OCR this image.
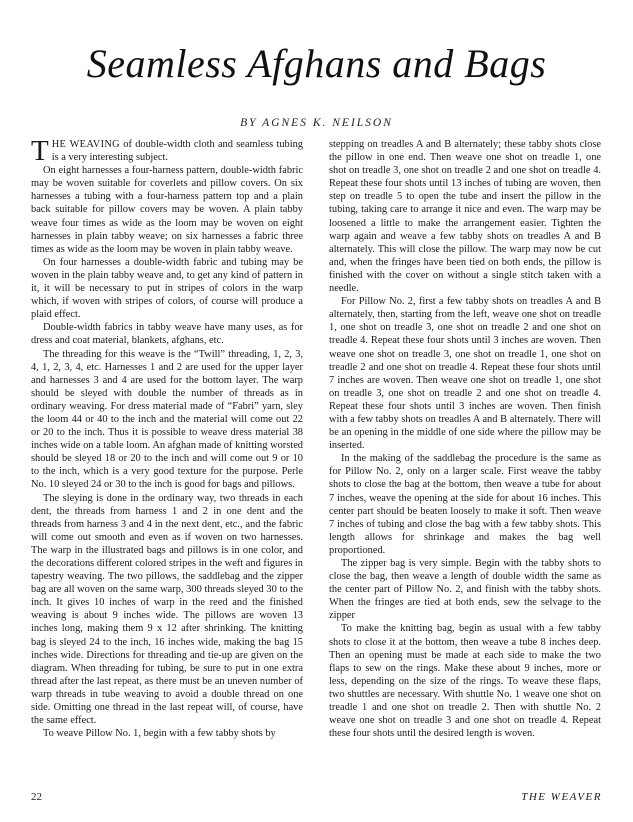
Seamless Afghans and Bags
BY AGNES K. NEILSON

THE WEAVING of double-width cloth and seamless tubing is a very interesting subject.

On eight harnesses a four-harness pattern, double-width fabric may be woven suitable for coverlets and pillow covers. On six harnesses a tubing with a four-harness pattern top and a plain back suitable for pillow covers may be woven. A plain tabby weave four times as wide as the loom may be woven on eight harnesses in plain tabby weave; on six harnesses a fabric three times as wide as the loom may be woven in plain tabby weave.

On four harnesses a double-width fabric and tubing may be woven in the plain tabby weave and, to get any kind of pattern in it, it will be necessary to put in stripes of colors in the warp which, if woven with stripes of colors, of course will produce a plaid effect.

Double-width fabrics in tabby weave have many uses, as for dress and coat material, blankets, afghans, etc.

The threading for this weave is the “Twill” threading, 1, 2, 3, 4, 1, 2, 3, 4, etc. Harnesses 1 and 2 are used for the upper layer and harnesses 3 and 4 are used for the bottom layer. The warp should be sleyed with double the number of threads as in ordinary weaving. For dress material made of “Fabri” yarn, sley the loom 44 or 40 to the inch and the material will come out 22 or 20 to the inch. Thus it is possible to weave dress material 38 inches wide on a table loom. An afghan made of knitting worsted should be sleyed 18 or 20 to the inch and will come out 9 or 10 to the inch, which is a very good texture for the purpose. Perle No. 10 sleyed 24 or 30 to the inch is good for bags and pillows.

The sleying is done in the ordinary way, two threads in each dent, the threads from harness 1 and 2 in one dent and the threads from harness 3 and 4 in the next dent, etc., and the fabric will come out smooth and even as if woven on two harnesses. The warp in the illustrated bags and pillows is in one color, and the decorations different colored stripes in the weft and figures in tapestry weaving. The two pillows, the saddlebag and the zipper bag are all woven on the same warp, 300 threads sleyed 30 to the inch. It gives 10 inches of warp in the reed and the finished weaving is about 9 inches wide. The pillows are woven 13 inches long, making them 9 x 12 after shrinking. The knitting bag is sleyed 24 to the inch, 16 inches wide, making the bag 15 inches wide. Directions for threading and tie-up are given on the diagram. When threading for tubing, be sure to put in one extra thread after the last repeat, as there must be an uneven number of warp threads in tube weaving to avoid a double thread on one side. Omitting one thread in the last repeat will, of course, have the same effect.

To weave Pillow No. 1, begin with a few tabby shots by

stepping on treadles A and B alternately; these tabby shots close the pillow in one end. Then weave one shot on treadle 1, one shot on treadle 3, one shot on treadle 2 and one shot on treadle 4. Repeat these four shots until 13 inches of tubing are woven, then step on treadle 5 to open the tube and insert the pillow in the tubing, taking care to arrange it nice and even. The warp may be loosened a little to make the arrangement easier. Tighten the warp again and weave a few tabby shots on treadles A and B alternately. This will close the pillow. The warp may now be cut and, when the fringes have been tied on both ends, the pillow is finished with the cover on without a single stitch taken with a needle.

For Pillow No. 2, first a few tabby shots on treadles A and B alternately, then, starting from the left, weave one shot on treadle 1, one shot on treadle 3, one shot on treadle 2 and one shot on treadle 4. Repeat these four shots until 3 inches are woven. Then weave one shot on treadle 3, one shot on treadle 1, one shot on treadle 2 and one shot on treadle 4. Repeat these four shots until 7 inches are woven. Then weave one shot on treadle 1, one shot on treadle 3, one shot on treadle 2 and one shot on treadle 4. Repeat these four shots until 3 inches are woven. Then finish with a few tabby shots on treadles A and B alternately. There will be an opening in the middle of one side where the pillow may be inserted.

In the making of the saddlebag the procedure is the same as for Pillow No. 2, only on a larger scale. First weave the tabby shots to close the bag at the bottom, then weave a tube for about 7 inches, weave the opening at the side for about 16 inches. This center part should be beaten loosely to make it soft. Then weave 7 inches of tubing and close the bag with a few tabby shots. This length allows for shrinkage and makes the bag well proportioned.

The zipper bag is very simple. Begin with the tabby shots to close the bag, then weave a length of double width the same as the center part of Pillow No. 2, and finish with the tabby shots. When the fringes are tied at both ends, sew the selvage to the zipper

To make the knitting bag, begin as usual with a few tabby shots to close it at the bottom, then weave a tube 8 inches deep. Then an opening must be made at each side to make the two flaps to sew on the rings. Make these about 9 inches, more or less, depending on the size of the rings. To weave these flaps, two shuttles are necessary. With shuttle No. 1 weave one shot on treadle 1 and one shot on treadle 2. Then with shuttle No. 2 weave one shot on treadle 3 and one shot on treadle 4. Repeat these four shots until the desired length is woven.

22	THE WEAVER
